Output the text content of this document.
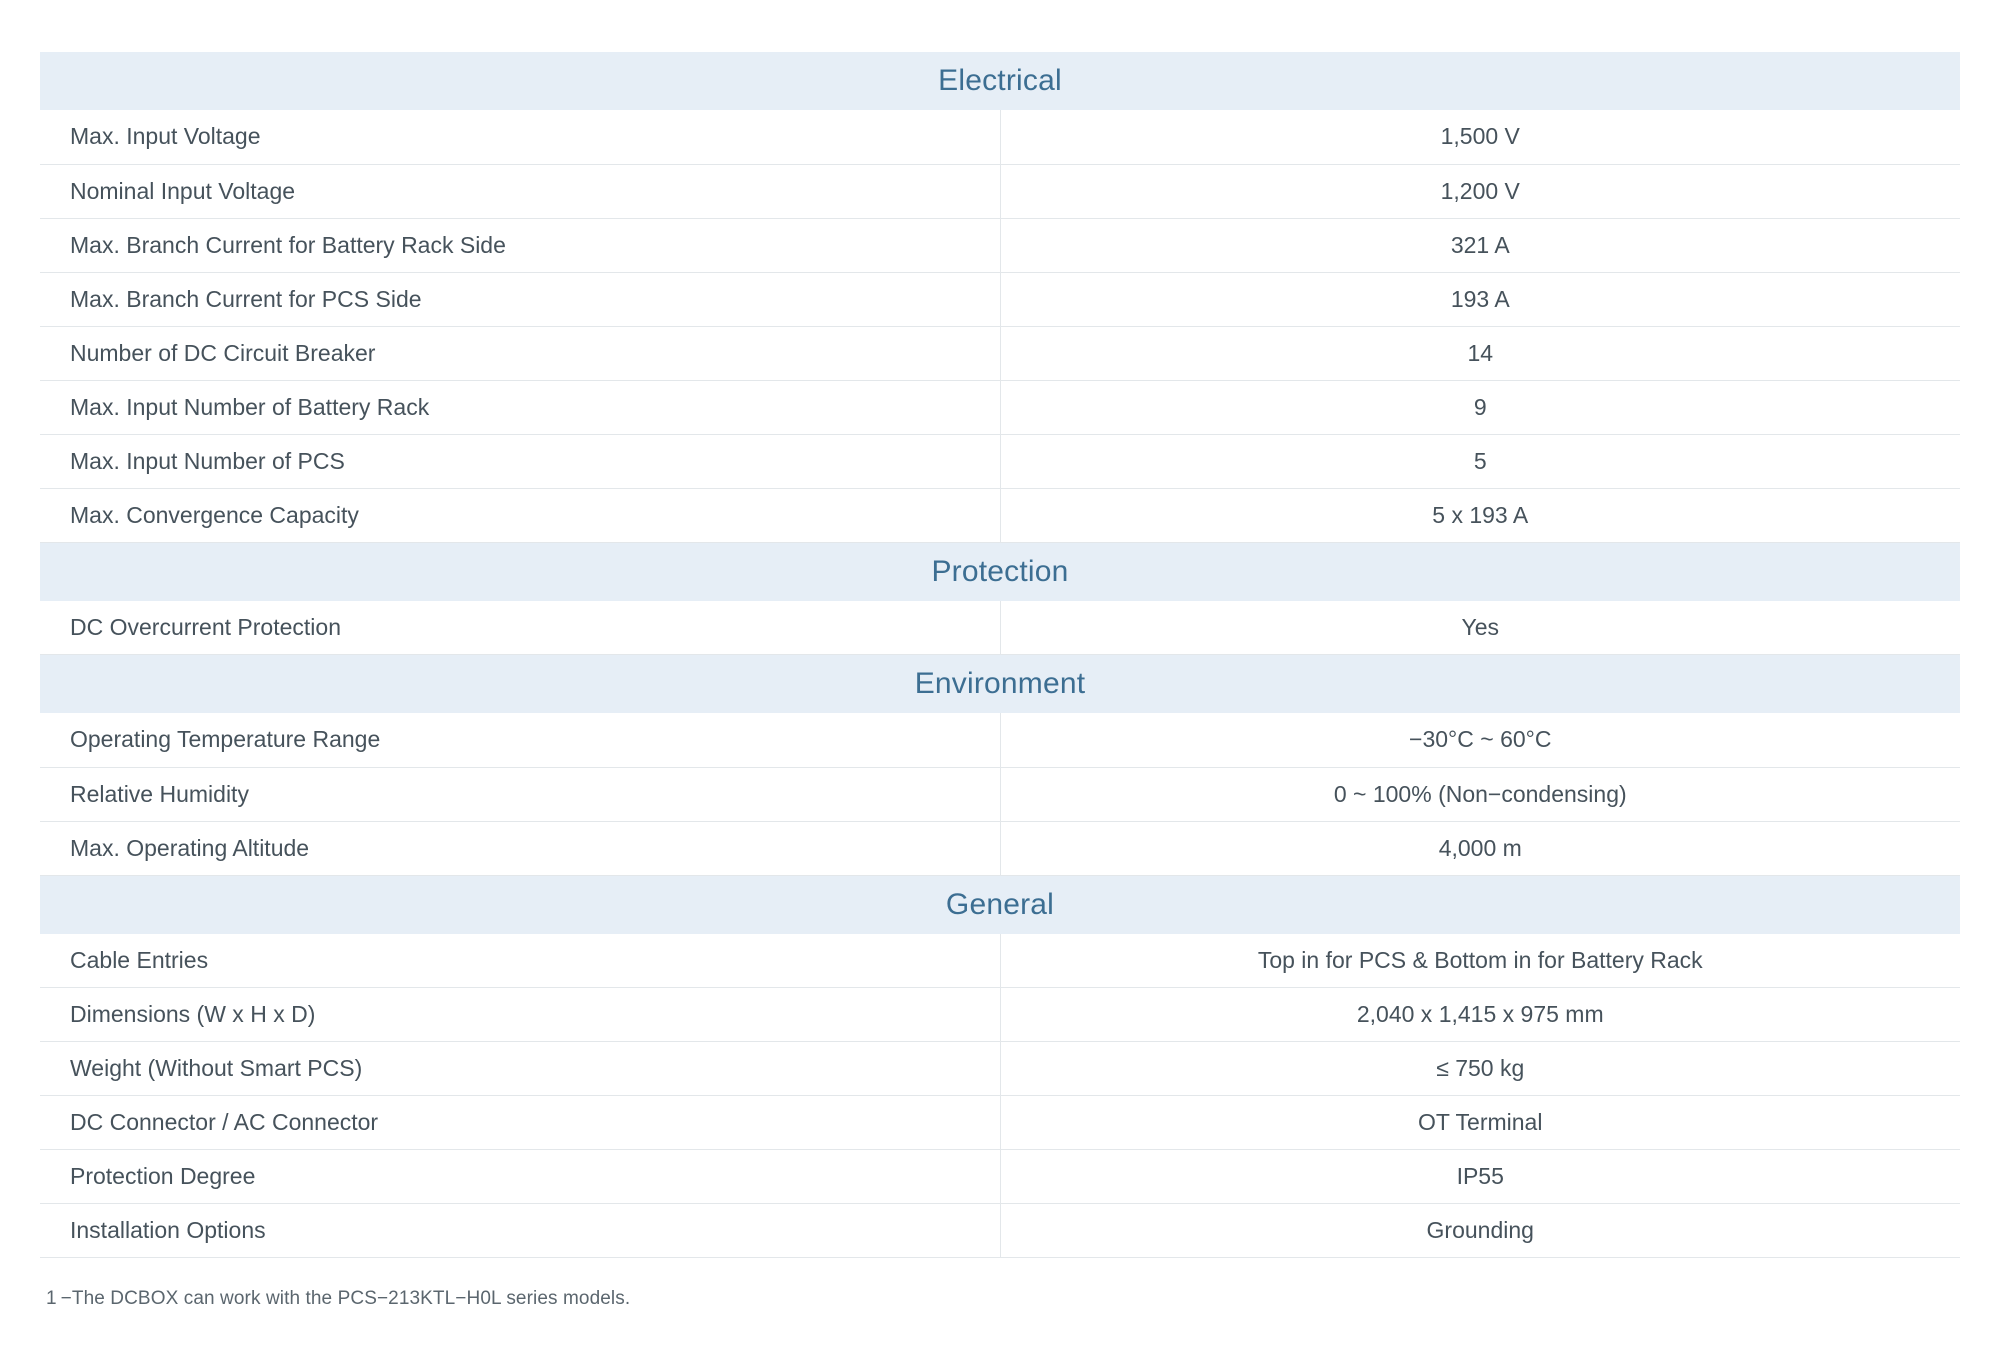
Electrical	
Max. Input Voltage	1,500 V
Nominal Input Voltage	1,200 V
Max. Branch Current for Battery Rack Side	321 A
Max. Branch Current for PCS Side	193 A
Number of DC Circuit Breaker	14
Max. Input Number of Battery Rack	9
Max. Input Number of PCS	5
Max. Convergence Capacity	5 x 193 A
Protection	
DC Overcurrent Protection	Yes
Environment	
Operating Temperature Range	−30°C ~ 60°C
Relative Humidity	0 ~ 100% (Non−condensing)
Max. Operating Altitude	4,000 m
General	
Cable Entries	Top in for PCS & Bottom in for Battery Rack
Dimensions (W x H x D)	2,040 x 1,415 x 975 mm
Weight (Without Smart PCS)	≤ 750 kg
DC Connector / AC Connector	OT Terminal
Protection Degree	IP55
Installation Options	Grounding
1 −The DCBOX can work with the PCS−213KTL−H0L series models.
